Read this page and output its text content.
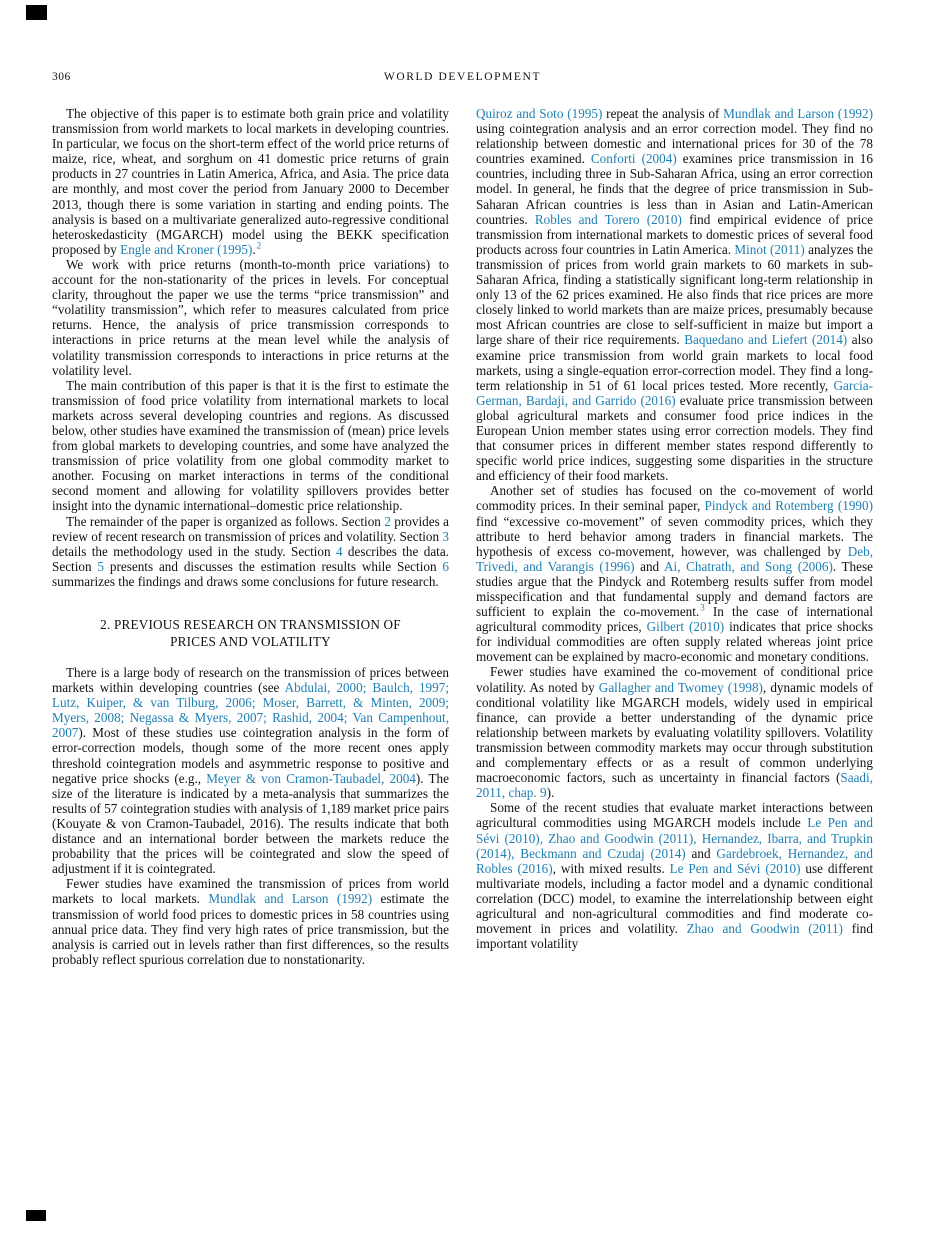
306	WORLD DEVELOPMENT

The objective of this paper is to estimate both grain price and volatility transmission from world markets to local markets in developing countries. In particular, we focus on the short-term effect of the world price returns of maize, rice, wheat, and sorghum on 41 domestic price returns of grain products in 27 countries in Latin America, Africa, and Asia. The price data are monthly, and most cover the period from January 2000 to December 2013, though there is some variation in starting and ending points. The analysis is based on a multivariate generalized auto-regressive conditional heteroskedasticity (MGARCH) model using the BEKK specification proposed by Engle and Kroner (1995).$^2$

We work with price returns (month-to-month price variations) to account for the non-stationarity of the prices in levels. For conceptual clarity, throughout the paper we use the terms “price transmission” and “volatility transmission”, which refer to measures calculated from price returns. Hence, the analysis of price transmission corresponds to interactions in price returns at the mean level while the analysis of volatility transmission corresponds to interactions in price returns at the volatility level.

The main contribution of this paper is that it is the first to estimate the transmission of food price volatility from international markets to local markets across several developing countries and regions. As discussed below, other studies have examined the transmission of (mean) price levels from global markets to developing countries, and some have analyzed the transmission of price volatility from one global commodity market to another. Focusing on market interactions in terms of the conditional second moment and allowing for volatility spillovers provides better insight into the dynamic international–domestic price relationship.

The remainder of the paper is organized as follows. Section 2 provides a review of recent research on transmission of prices and volatility. Section 3 details the methodology used in the study. Section 4 describes the data. Section 5 presents and discusses the estimation results while Section 6 summarizes the findings and draws some conclusions for future research.

2. PREVIOUS RESEARCH ON TRANSMISSION OF PRICES AND VOLATILITY

There is a large body of research on the transmission of prices between markets within developing countries (see Abdulai, 2000; Baulch, 1997; Lutz, Kuiper, & van Tilburg, 2006; Moser, Barrett, & Minten, 2009; Myers, 2008; Negassa & Myers, 2007; Rashid, 2004; Van Campenhout, 2007). Most of these studies use cointegration analysis in the form of error-correction models, though some of the more recent ones apply threshold cointegration models and asymmetric response to positive and negative price shocks (e.g., Meyer & von Cramon-Taubadel, 2004). The size of the literature is indicated by a meta-analysis that summarizes the results of 57 cointegration studies with analysis of 1,189 market price pairs (Kouyate & von Cramon-Taubadel, 2016). The results indicate that both distance and an international border between the markets reduce the probability that the prices will be cointegrated and slow the speed of adjustment if it is cointegrated.

Fewer studies have examined the transmission of prices from world markets to local markets. Mundlak and Larson (1992) estimate the transmission of world food prices to domestic prices in 58 countries using annual price data. They find very high rates of price transmission, but the analysis is carried out in levels rather than first differences, so the results probably reflect spurious correlation due to nonstationarity.

Quiroz and Soto (1995) repeat the analysis of Mundlak and Larson (1992) using cointegration analysis and an error correction model. They find no relationship between domestic and international prices for 30 of the 78 countries examined. Conforti (2004) examines price transmission in 16 countries, including three in Sub-Saharan Africa, using an error correction model. In general, he finds that the degree of price transmission in Sub-Saharan African countries is less than in Asian and Latin-American countries. Robles and Torero (2010) find empirical evidence of price transmission from international markets to domestic prices of several food products across four countries in Latin America. Minot (2011) analyzes the transmission of prices from world grain markets to 60 markets in sub-Saharan Africa, finding a statistically significant long-term relationship in only 13 of the 62 prices examined. He also finds that rice prices are more closely linked to world markets than are maize prices, presumably because most African countries are close to self-sufficient in maize but import a large share of their rice requirements. Baquedano and Liefert (2014) also examine price transmission from world grain markets to local food markets, using a single-equation error-correction model. They find a long-term relationship in 51 of 61 local prices tested. More recently, Garcia-German, Bardaji, and Garrido (2016) evaluate price transmission between global agricultural markets and consumer food price indices in the European Union member states using error correction models. They find that consumer prices in different member states respond differently to specific world price indices, suggesting some disparities in the structure and efficiency of their food markets.

Another set of studies has focused on the co-movement of world commodity prices. In their seminal paper, Pindyck and Rotemberg (1990) find “excessive co-movement” of seven commodity prices, which they attribute to herd behavior among traders in financial markets. The hypothesis of excess co-movement, however, was challenged by Deb, Trivedi, and Varangis (1996) and Ai, Chatrath, and Song (2006). These studies argue that the Pindyck and Rotemberg results suffer from model misspecification and that fundamental supply and demand factors are sufficient to explain the co-movement.$^3$ In the case of international agricultural commodity prices, Gilbert (2010) indicates that price shocks for individual commodities are often supply related whereas joint price movement can be explained by macro-economic and monetary conditions.

Fewer studies have examined the co-movement of conditional price volatility. As noted by Gallagher and Twomey (1998), dynamic models of conditional volatility like MGARCH models, widely used in empirical finance, can provide a better understanding of the dynamic price relationship between markets by evaluating volatility spillovers. Volatility transmission between commodity markets may occur through substitution and complementary effects or as a result of common underlying macroeconomic factors, such as uncertainty in financial factors (Saadi, 2011, chap. 9).

Some of the recent studies that evaluate market interactions between agricultural commodities using MGARCH models include Le Pen and Sévi (2010), Zhao and Goodwin (2011), Hernandez, Ibarra, and Trupkin (2014), Beckmann and Czudaj (2014) and Gardebroek, Hernandez, and Robles (2016), with mixed results. Le Pen and Sévi (2010) use different multivariate models, including a factor model and a dynamic conditional correlation (DCC) model, to examine the interrelationship between eight agricultural and non-agricultural commodities and find moderate co-movement in prices and volatility. Zhao and Goodwin (2011) find important volatility
